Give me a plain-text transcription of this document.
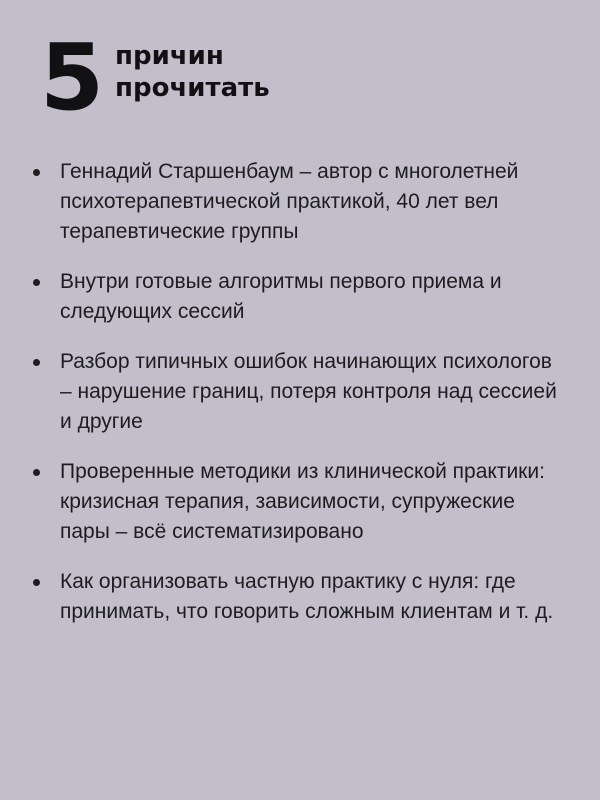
5 причин
прочитать
Геннадий Старшенбаум – автор с многолетней психотерапевтической практикой, 40 лет вел терапевтические группы
Внутри готовые алгоритмы первого приема и следующих сессий
Разбор типичных ошибок начинающих психологов – нарушение границ, потеря контроля над сессией и другие
Проверенные методики из клинической практики: кризисная терапия, зависимости, супружеские пары – всё систематизировано
Как организовать частную практику с нуля: где принимать, что говорить сложным клиентам и т. д.
